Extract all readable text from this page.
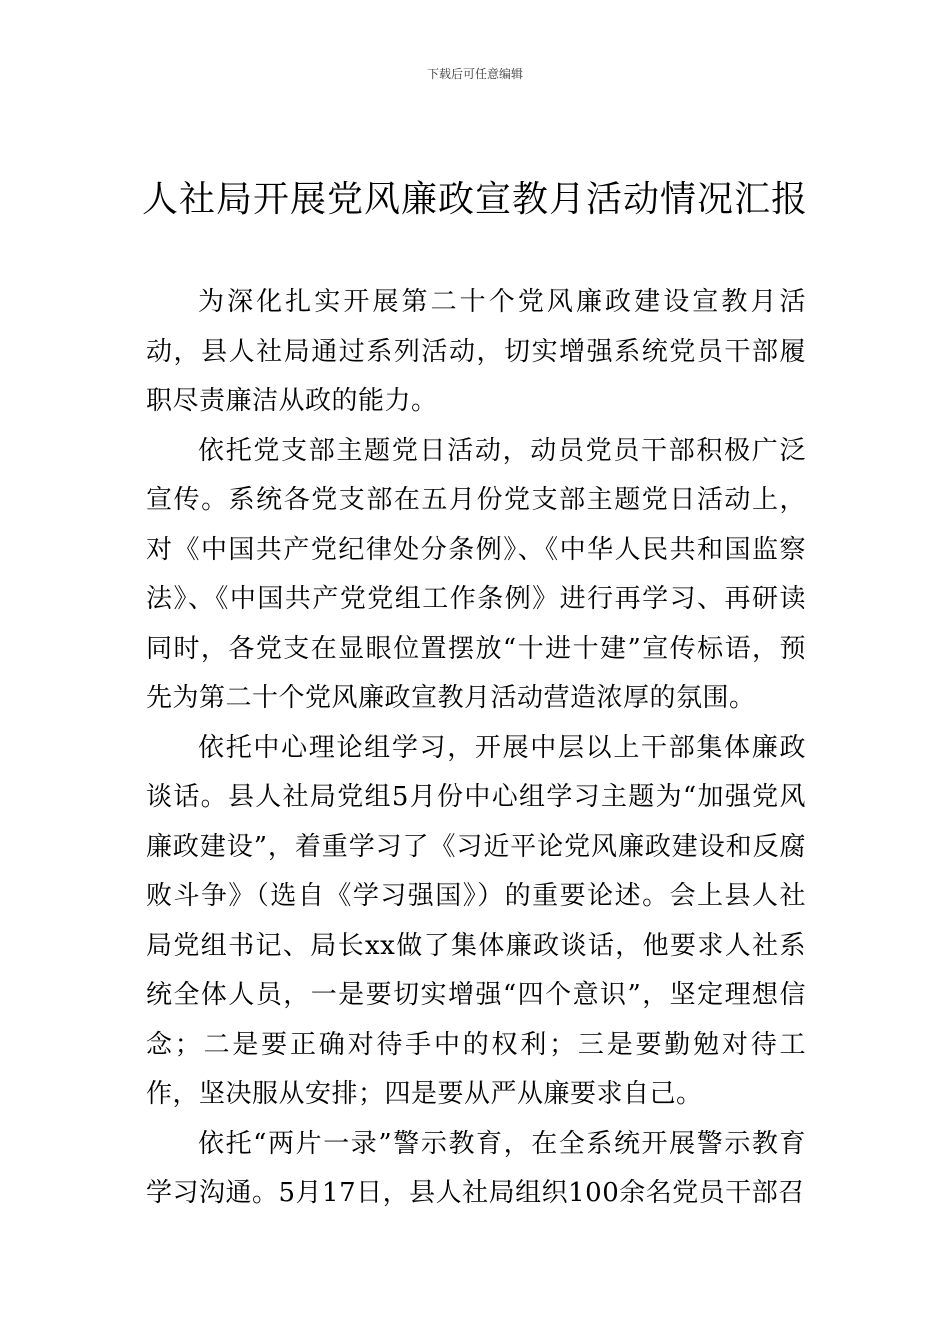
下载后可任意编辑
人社局开展党风廉政宣教月活动情况汇报

为深化扎实开展第二十个党风廉政建设宣教月活动，县人社局通过系列活动，切实增强系统党员干部履职尽责廉洁从政的能力。

依托党支部主题党日活动，动员党员干部积极广泛宣传。系统各党支部在五月份党支部主题党日活动上，对《中国共产党纪律处分条例》、《中华人民共和国监察法》、《中国共产党党组工作条例》进行再学习、再研读同时，各党支在显眼位置摆放“十进十建”宣传标语，预先为第二十个党风廉政宣教月活动营造浓厚的氛围。

依托中心理论组学习，开展中层以上干部集体廉政谈话。县人社局党组5月份中心组学习主题为“加强党风廉政建设”，着重学习了《习近平论党风廉政建设和反腐败斗争》（选自《学习强国》）的重要论述。会上县人社局党组书记、局长xx做了集体廉政谈话，他要求人社系统全体人员，一是要切实增强“四个意识”，坚定理想信念；二是要正确对待手中的权利；三是要勤勉对待工作，坚决服从安排；四是要从严从廉要求自己。

依托“两片一录”警示教育，在全系统开展警示教育学习沟通。5月17日，县人社局组织100余名党员干部召
